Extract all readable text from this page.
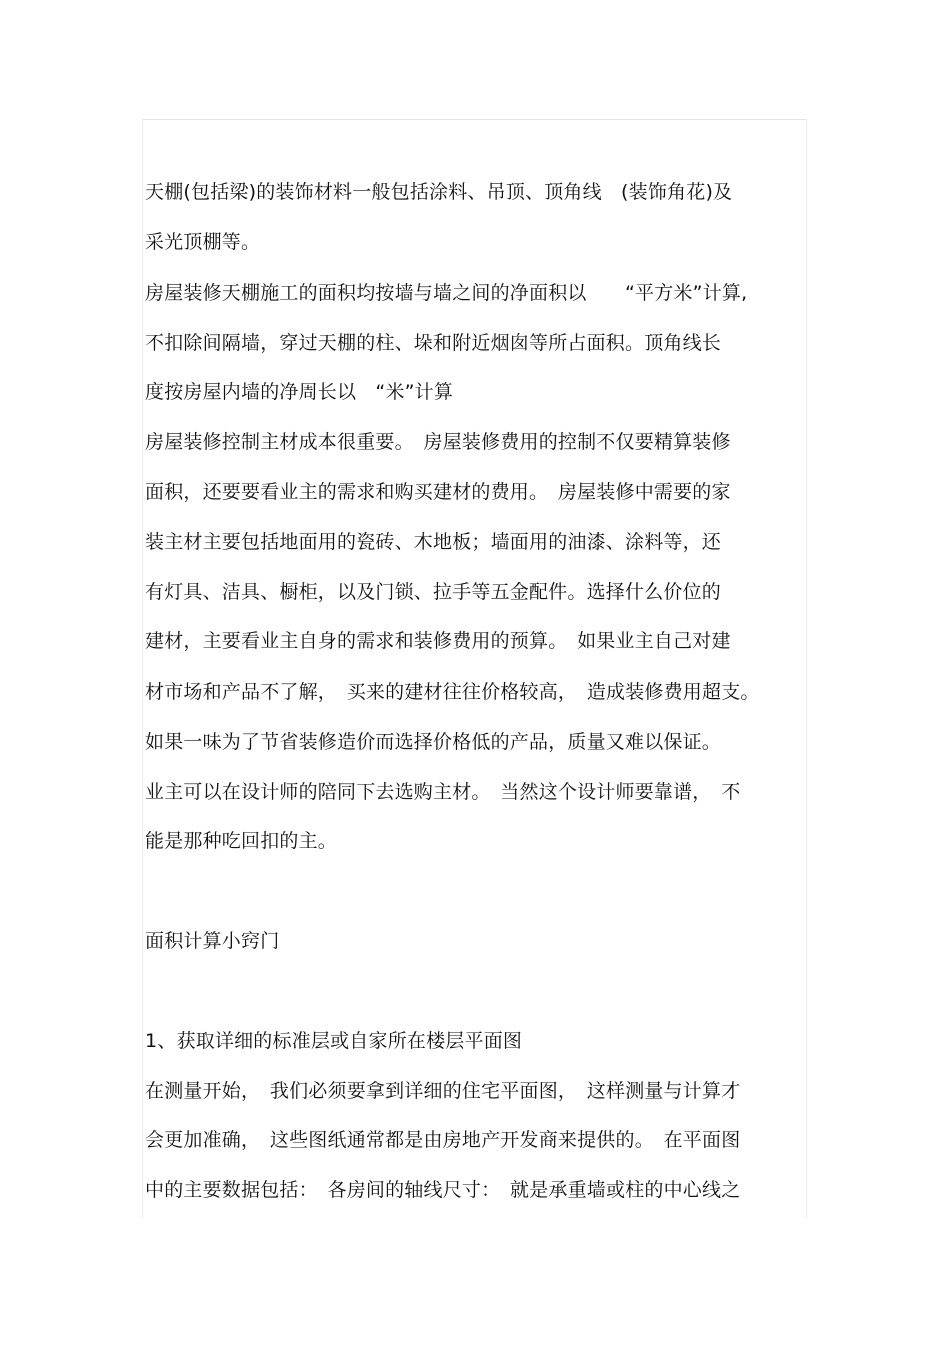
天棚(包括梁)的装饰材料一般包括涂料、吊顶、顶角线　(装饰角花)及

采光顶棚等。

房屋装修天棚施工的面积均按墙与墙之间的净面积以　　“平方米”计算,

不扣除间隔墙，穿过天棚的柱、垛和附近烟囱等所占面积。顶角线长

度按房屋内墙的净周长以　“米”计算

房屋装修控制主材成本很重要。　房屋装修费用的控制不仅要精算装修

面积，还要要看业主的需求和购买建材的费用。　房屋装修中需要的家

装主材主要包括地面用的瓷砖、木地板；墙面用的油漆、涂料等，还

有灯具、洁具、橱柜，以及门锁、拉手等五金配件。选择什么价位的

建材，主要看业主自身的需求和装修费用的预算。　如果业主自己对建

材市场和产品不了解，　买来的建材往往价格较高，　造成装修费用超支。

如果一味为了节省装修造价而选择价格低的产品，质量又难以保证。

业主可以在设计师的陪同下去选购主材。　当然这个设计师要靠谱，　不

能是那种吃回扣的主。

面积计算小窍门

1、获取详细的标准层或自家所在楼层平面图

在测量开始，　我们必须要拿到详细的住宅平面图，　这样测量与计算才

会更加准确，　这些图纸通常都是由房地产开发商来提供的。　在平面图

中的主要数据包括：　各房间的轴线尺寸：　就是承重墙或柱的中心线之
